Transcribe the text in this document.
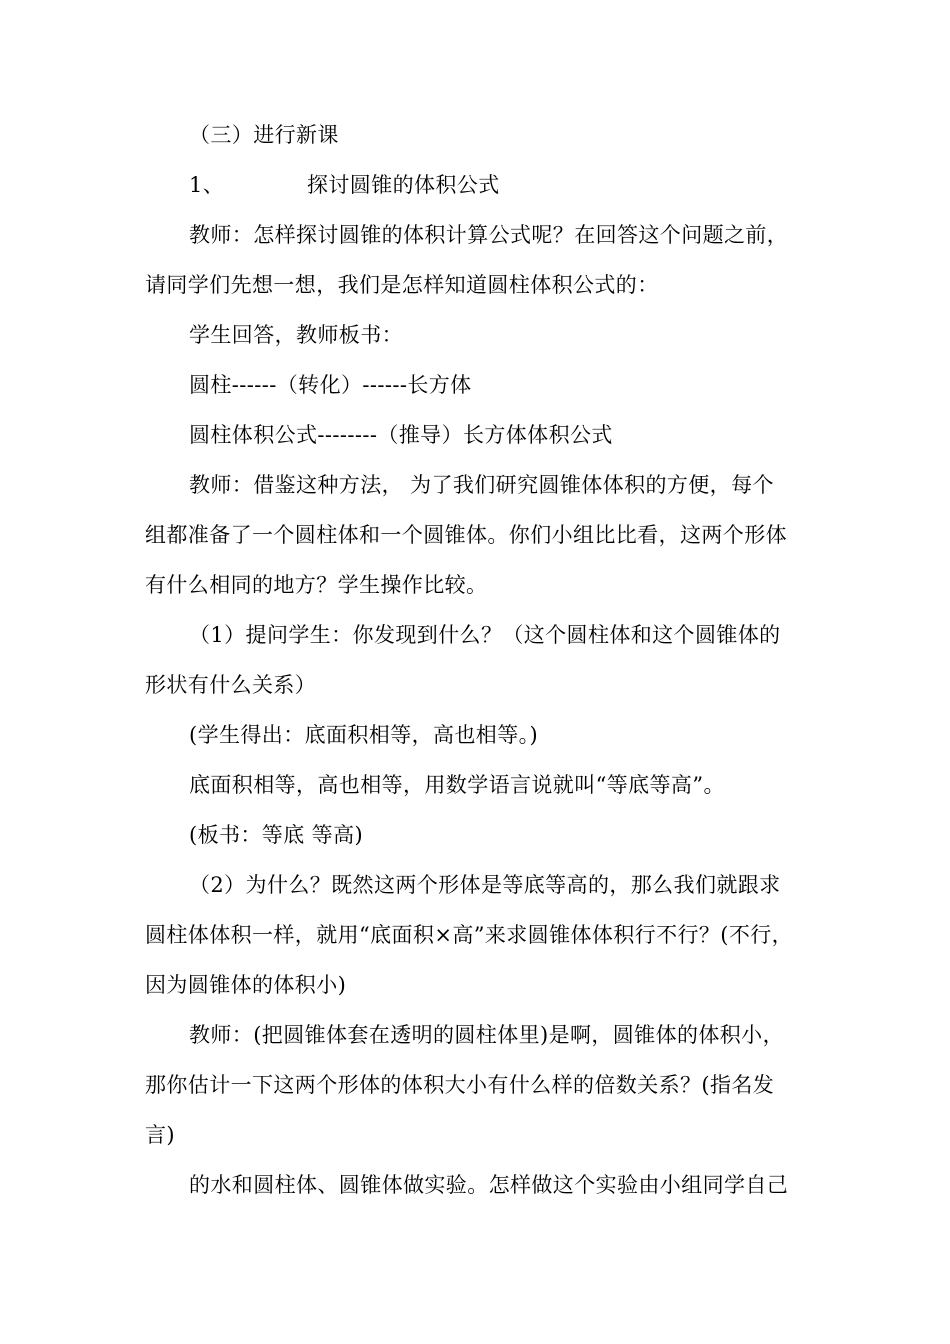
（三）进行新课
1、	探讨圆锥的体积公式
教师：怎样探讨圆锥的体积计算公式呢？在回答这个问题之前，
请同学们先想一想，我们是怎样知道圆柱体积公式的：
学生回答，教师板书：
圆柱------（转化）------长方体
圆柱体积公式--------（推导）长方体体积公式
教师：借鉴这种方法， 为了我们研究圆锥体体积的方便，每个
组都准备了一个圆柱体和一个圆锥体。你们小组比比看，这两个形体
有什么相同的地方？学生操作比较。
（1）提问学生：你发现到什么？（这个圆柱体和这个圆锥体的
形状有什么关系）
(学生得出：底面积相等，高也相等。)
底面积相等，高也相等，用数学语言说就叫“等底等高”。
(板书：等底 等高)
（2）为什么？既然这两个形体是等底等高的，那么我们就跟求
圆柱体体积一样，就用“底面积×高”来求圆锥体体积行不行？(不行，
因为圆锥体的体积小)
教师：(把圆锥体套在透明的圆柱体里)是啊，圆锥体的体积小，
那你估计一下这两个形体的体积大小有什么样的倍数关系？(指名发
言)
的水和圆柱体、圆锥体做实验。怎样做这个实验由小组同学自己
